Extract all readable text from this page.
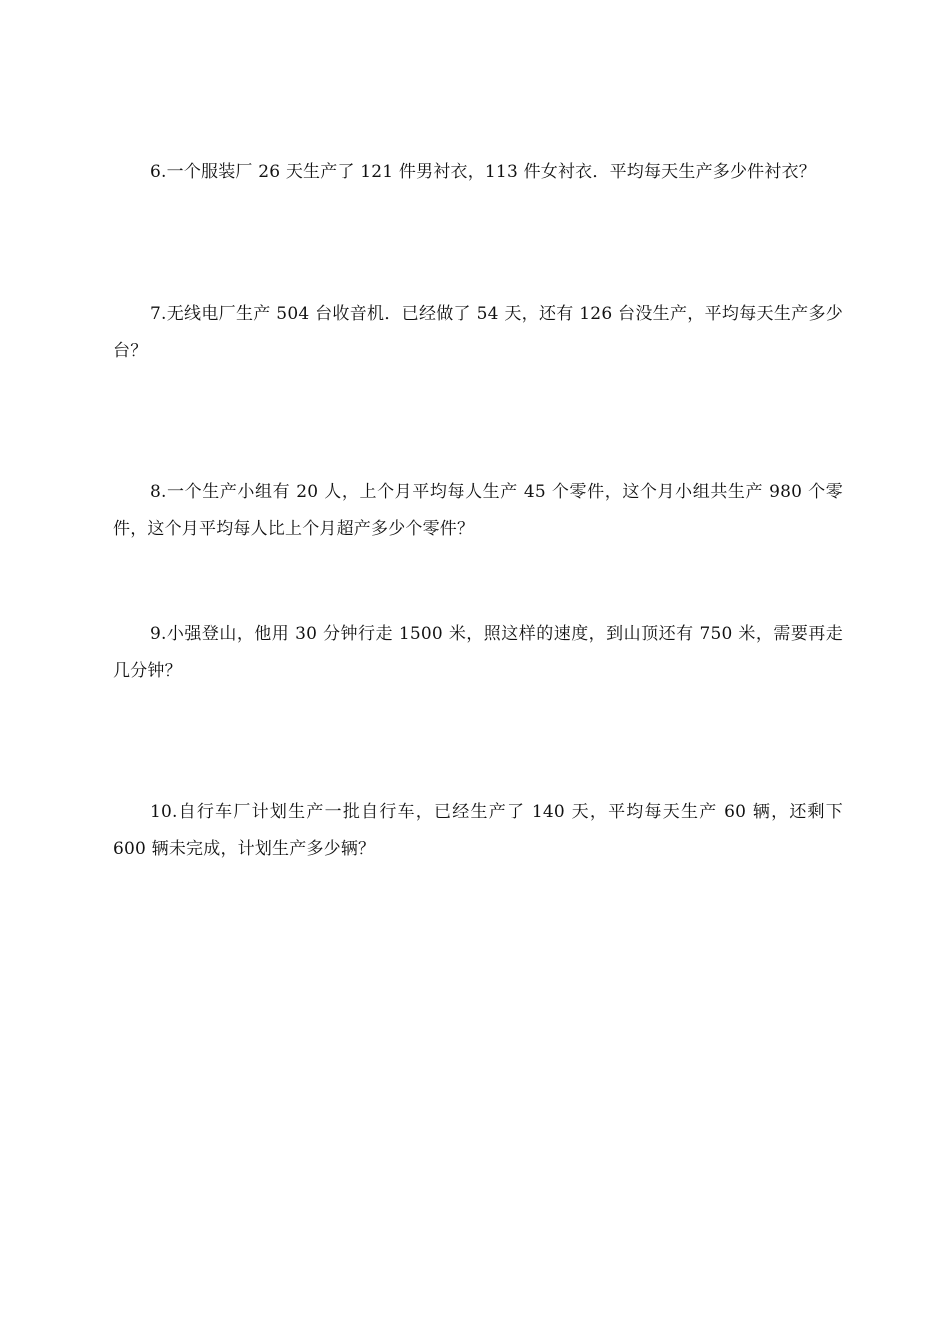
6.一个服装厂 26 天生产了 121 件男衬衣，113 件女衬衣．平均每天生产多少件衬衣？

7.无线电厂生产 504 台收音机．已经做了 54 天，还有 126 台没生产，平均每天生产多少台？

8.一个生产小组有 20 人，上个月平均每人生产 45 个零件，这个月小组共生产 980 个零件，这个月平均每人比上个月超产多少个零件？

9.小强登山，他用 30 分钟行走 1500 米，照这样的速度，到山顶还有 750 米，需要再走几分钟？

10.自行车厂计划生产一批自行车，已经生产了 140 天，平均每天生产 60 辆，还剩下 600 辆未完成，计划生产多少辆？
